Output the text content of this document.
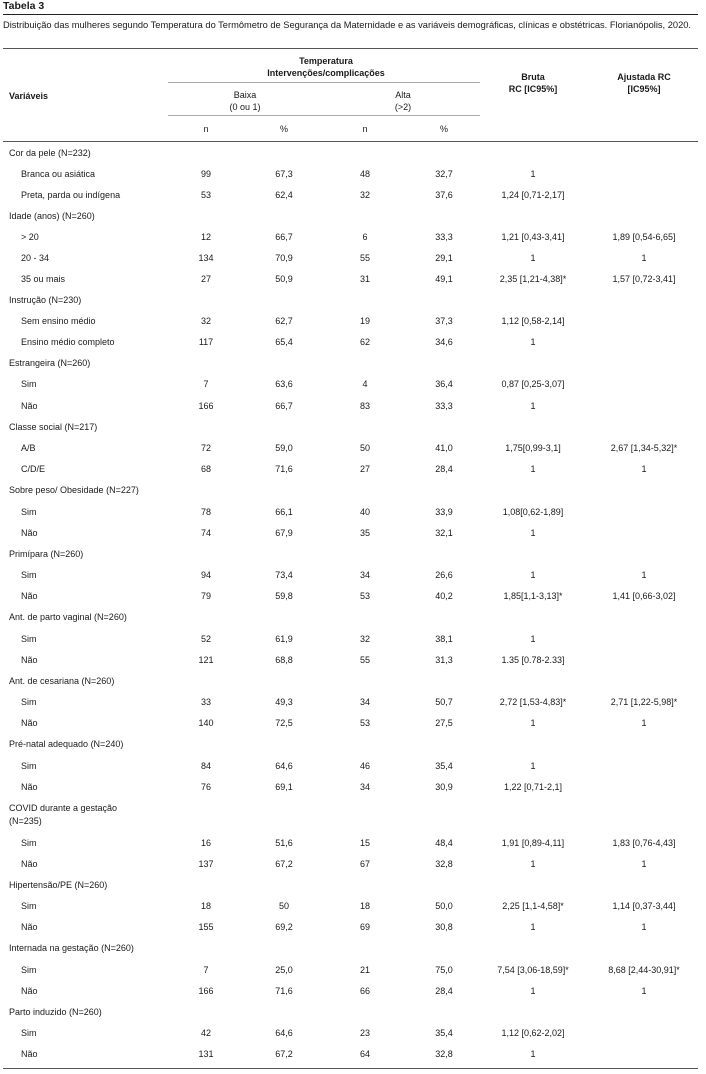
Tabela 3
Distribuição das mulheres segundo Temperatura do Termômetro de Segurança da Maternidade e as variáveis demográficas, clínicas e obstétricas. Florianópolis, 2020.
Variáveis
Temperatura
Intervenções/complicações
Baixa
(0 ou 1)
Alta
(>2)
Bruta
RC [IC95%]
Ajustada RC
[IC95%]
n	%	n	%
Cor da pele (N=232)
Branca ou asiática	99	67,3	48	32,7	1
Preta, parda ou indígena	53	62,4	32	37,6	1,24 [0,71-2,17]
Idade (anos) (N=260)
> 20	12	66,7	6	33,3	1,21 [0,43-3,41]	1,89 [0,54-6,65]
20 - 34	134	70,9	55	29,1	1	1
35 ou mais	27	50,9	31	49,1	2,35 [1,21-4,38]*	1,57 [0,72-3,41]
Instrução (N=230)
Sem ensino médio	32	62,7	19	37,3	1,12 [0,58-2,14]
Ensino médio completo	117	65,4	62	34,6	1
Estrangeira (N=260)
Sim	7	63,6	4	36,4	0,87 [0,25-3,07]
Não	166	66,7	83	33,3	1
Classe social (N=217)
A/B	72	59,0	50	41,0	1,75[0,99-3,1]	2,67 [1,34-5,32]*
C/D/E	68	71,6	27	28,4	1	1
Sobre peso/ Obesidade (N=227)
Sim	78	66,1	40	33,9	1,08[0,62-1,89]
Não	74	67,9	35	32,1	1
Primípara (N=260)
Sim	94	73,4	34	26,6	1	1
Não	79	59,8	53	40,2	1,85[1,1-3,13]*	1,41 [0,66-3,02]
Ant. de parto vaginal (N=260)
Sim	52	61,9	32	38,1	1
Não	121	68,8	55	31,3	1.35 [0.78-2.33]
Ant. de cesariana (N=260)
Sim	33	49,3	34	50,7	2,72 [1,53-4,83]*	2,71 [1,22-5,98]*
Não	140	72,5	53	27,5	1	1
Pré-natal adequado (N=240)
Sim	84	64,6	46	35,4	1
Não	76	69,1	34	30,9	1,22 [0,71-2,1]
COVID durante a gestação
(N=235)
Sim	16	51,6	15	48,4	1,91 [0,89-4,11]	1,83 [0,76-4,43]
Não	137	67,2	67	32,8	1	1
Hipertensão/PE (N=260)
Sim	18	50	18	50,0	2,25 [1,1-4,58]*	1,14 [0,37-3,44]
Não	155	69,2	69	30,8	1	1
Internada na gestação (N=260)
Sim	7	25,0	21	75,0	7,54 [3,06-18,59]*	8,68 [2,44-30,91]*
Não	166	71,6	66	28,4	1	1
Parto induzido (N=260)
Sim	42	64,6	23	35,4	1,12 [0,62-2,02]
Não	131	67,2	64	32,8	1
